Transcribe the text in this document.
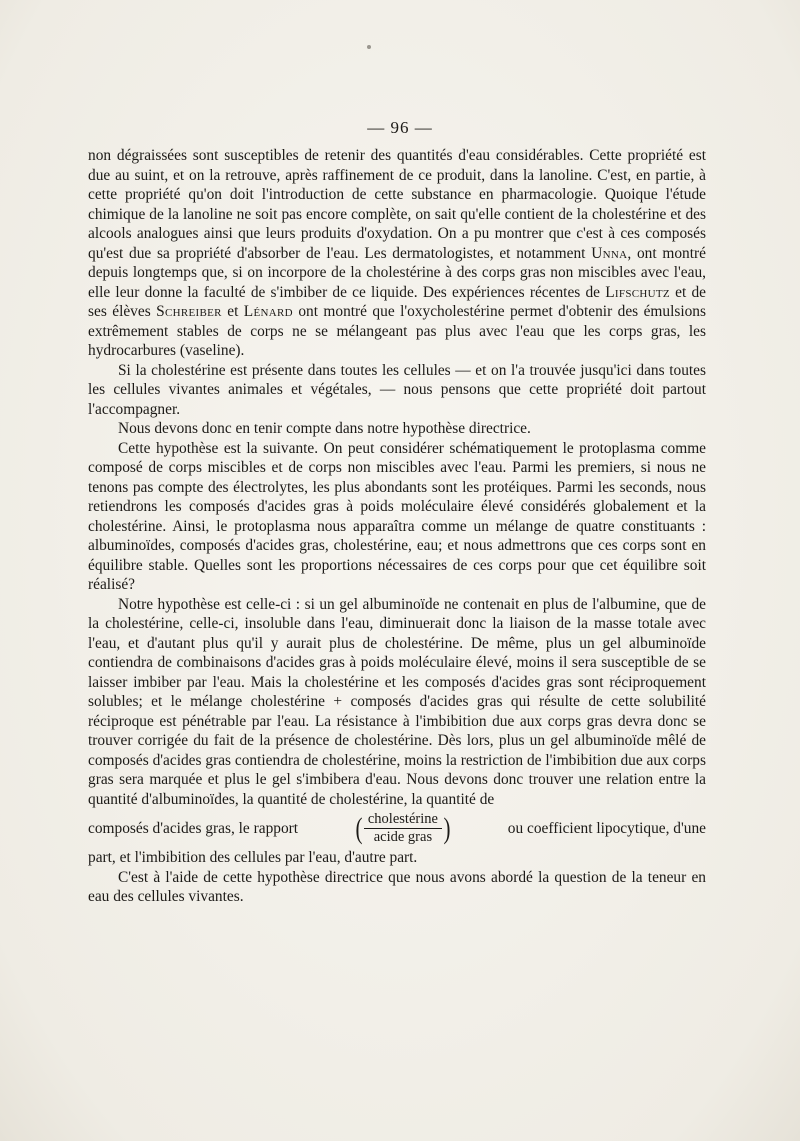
— 96 —

non dégraissées sont susceptibles de retenir des quantités d'eau considérables. Cette propriété est due au suint, et on la retrouve, après raffinement de ce produit, dans la lanoline. C'est, en partie, à cette propriété qu'on doit l'introduction de cette substance en pharmacologie. Quoique l'étude chimique de la lanoline ne soit pas encore complète, on sait qu'elle contient de la cholestérine et des alcools analogues ainsi que leurs produits d'oxydation. On a pu montrer que c'est à ces composés qu'est due sa propriété d'absorber de l'eau. Les dermatologistes, et notamment Unna, ont montré depuis longtemps que, si on incorpore de la cholestérine à des corps gras non miscibles avec l'eau, elle leur donne la faculté de s'imbiber de ce liquide. Des expériences récentes de Lifschutz et de ses élèves Schreiber et Lénard ont montré que l'oxycholestérine permet d'obtenir des émulsions extrêmement stables de corps ne se mélangeant pas plus avec l'eau que les corps gras, les hydrocarbures (vaseline).

Si la cholestérine est présente dans toutes les cellules — et on l'a trouvée jusqu'ici dans toutes les cellules vivantes animales et végétales, — nous pensons que cette propriété doit partout l'accompagner.

Nous devons donc en tenir compte dans notre hypothèse directrice.

Cette hypothèse est la suivante. On peut considérer schématiquement le protoplasma comme composé de corps miscibles et de corps non miscibles avec l'eau. Parmi les premiers, si nous ne tenons pas compte des électrolytes, les plus abondants sont les protéiques. Parmi les seconds, nous retiendrons les composés d'acides gras à poids moléculaire élevé considérés globalement et la cholestérine. Ainsi, le protoplasma nous apparaîtra comme un mélange de quatre constituants : albuminoïdes, composés d'acides gras, cholestérine, eau; et nous admettrons que ces corps sont en équilibre stable. Quelles sont les proportions nécessaires de ces corps pour que cet équilibre soit réalisé?

Notre hypothèse est celle-ci : si un gel albuminoïde ne contenait en plus de l'albumine, que de la cholestérine, celle-ci, insoluble dans l'eau, diminuerait donc la liaison de la masse totale avec l'eau, et d'autant plus qu'il y aurait plus de cholestérine. De même, plus un gel albuminoïde contiendra de combinaisons d'acides gras à poids moléculaire élevé, moins il sera susceptible de se laisser imbiber par l'eau. Mais la cholestérine et les composés d'acides gras sont réciproquement solubles; et le mélange cholestérine + composés d'acides gras qui résulte de cette solubilité réciproque est pénétrable par l'eau. La résistance à l'imbibition due aux corps gras devra donc se trouver corrigée du fait de la présence de cholestérine. Dès lors, plus un gel albuminoïde mêlé de composés d'acides gras contiendra de cholestérine, moins la restriction de l'imbibition due aux corps gras sera marquée et plus le gel s'imbibera d'eau. Nous devons donc trouver une relation entre la quantité d'albuminoïdes, la quantité de cholestérine, la quantité de

composés d'acides gras, le rapport ( $\frac{\text{cholestérine}}{\text{acide gras}}$ )	ou coefficient lipocytique, d'une

part, et l'imbibition des cellules par l'eau, d'autre part.

C'est à l'aide de cette hypothèse directrice que nous avons abordé la question de la teneur en eau des cellules vivantes.
